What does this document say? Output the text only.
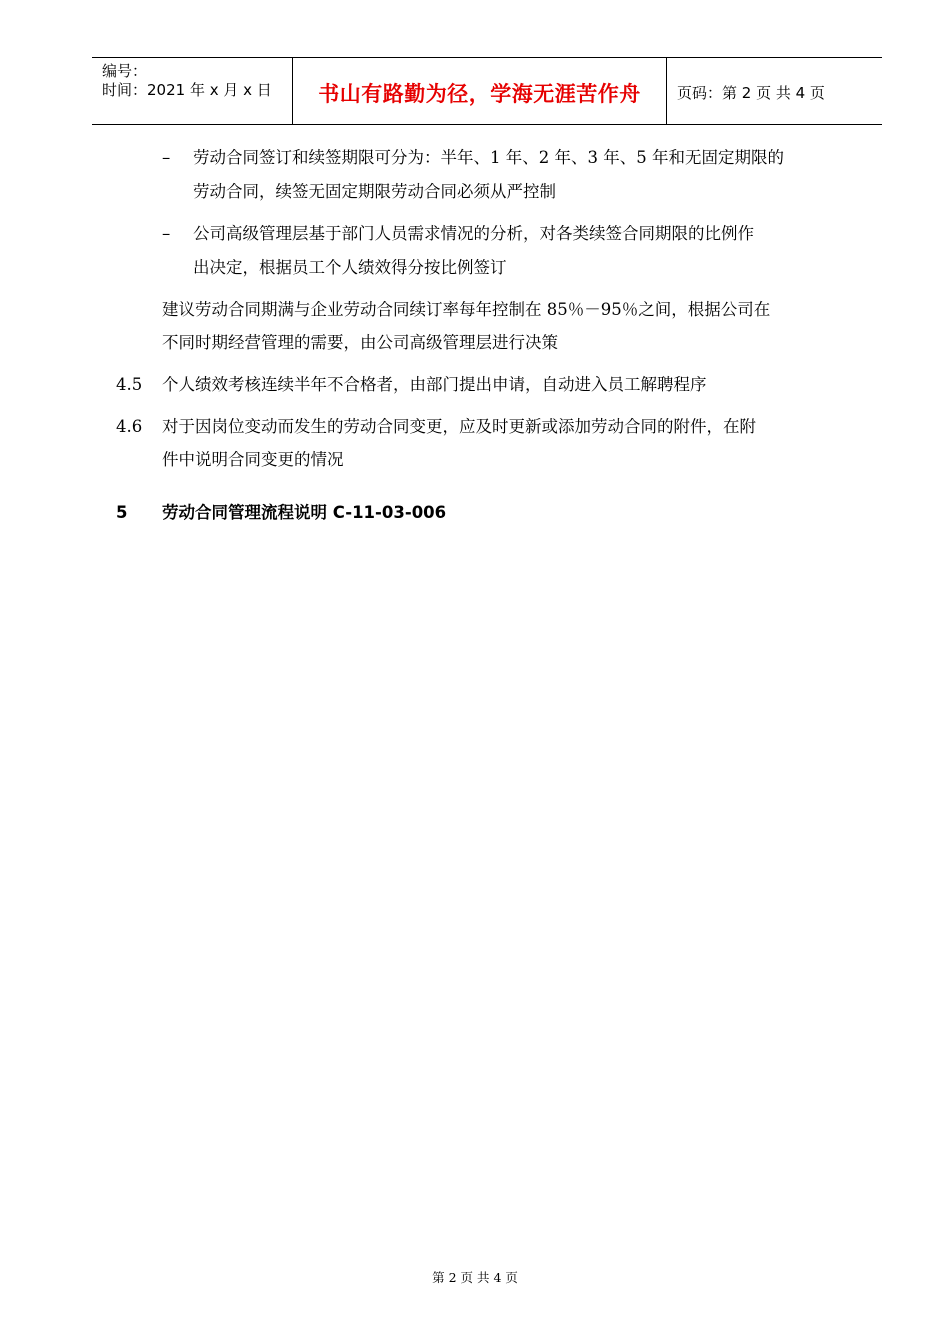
编号：
时间：2021 年 x 月 x 日	书山有路勤为径，学海无涯苦作舟	页码：第 2 页 共 4 页
– 劳动合同签订和续签期限可分为：半年、1 年、2 年、3 年、5 年和无固定期限的
劳动合同，续签无固定期限劳动合同必须从严控制
– 公司高级管理层基于部门人员需求情况的分析，对各类续签合同期限的比例作
出决定，根据员工个人绩效得分按比例签订
建议劳动合同期满与企业劳动合同续订率每年控制在 85％－95％之间，根据公司在
不同时期经营管理的需要，由公司高级管理层进行决策
4.5 个人绩效考核连续半年不合格者，由部门提出申请，自动进入员工解聘程序
4.6 对于因岗位变动而发生的劳动合同变更，应及时更新或添加劳动合同的附件，在附
件中说明合同变更的情况
5 劳动合同管理流程说明 C-11-03-006
第 2 页 共 4 页
